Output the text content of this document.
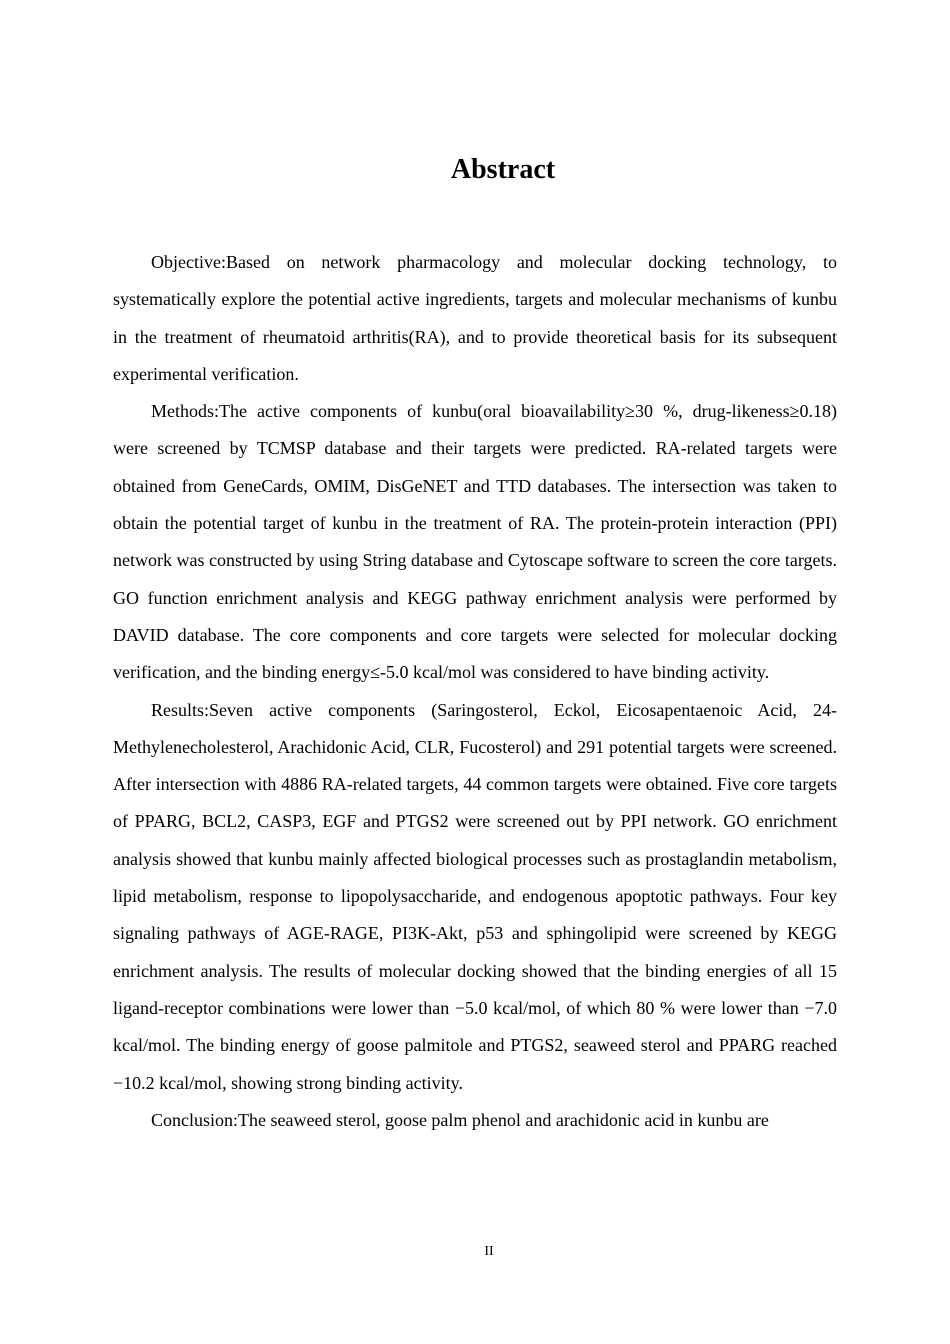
Abstract

Objective:Based on network pharmacology and molecular docking technology, to systematically explore the potential active ingredients, targets and molecular mechanisms of kunbu in the treatment of rheumatoid arthritis(RA), and to provide theoretical basis for its subsequent experimental verification.

Methods:The active components of kunbu(oral bioavailability≥30 %, drug-likeness≥0.18) were screened by TCMSP database and their targets were predicted. RA-related targets were obtained from GeneCards, OMIM, DisGeNET and TTD databases. The intersection was taken to obtain the potential target of kunbu in the treatment of RA. The protein-protein interaction (PPI) network was constructed by using String database and Cytoscape software to screen the core targets. GO function enrichment analysis and KEGG pathway enrichment analysis were performed by DAVID database. The core components and core targets were selected for molecular docking verification, and the binding energy≤-5.0 kcal/mol was considered to have binding activity.

Results:Seven active components (Saringosterol, Eckol, Eicosapentaenoic Acid, 24-Methylenecholesterol, Arachidonic Acid, CLR, Fucosterol) and 291 potential targets were screened. After intersection with 4886 RA-related targets, 44 common targets were obtained. Five core targets of PPARG, BCL2, CASP3, EGF and PTGS2 were screened out by PPI network. GO enrichment analysis showed that kunbu mainly affected biological processes such as prostaglandin metabolism, lipid metabolism, response to lipopolysaccharide, and endogenous apoptotic pathways. Four key signaling pathways of AGE-RAGE, PI3K-Akt, p53 and sphingolipid were screened by KEGG enrichment analysis. The results of molecular docking showed that the binding energies of all 15 ligand-receptor combinations were lower than −5.0 kcal/mol, of which 80 % were lower than −7.0 kcal/mol. The binding energy of goose palmitole and PTGS2, seaweed sterol and PPARG reached −10.2 kcal/mol, showing strong binding activity.

Conclusion:The seaweed sterol, goose palm phenol and arachidonic acid in kunbu are

II
